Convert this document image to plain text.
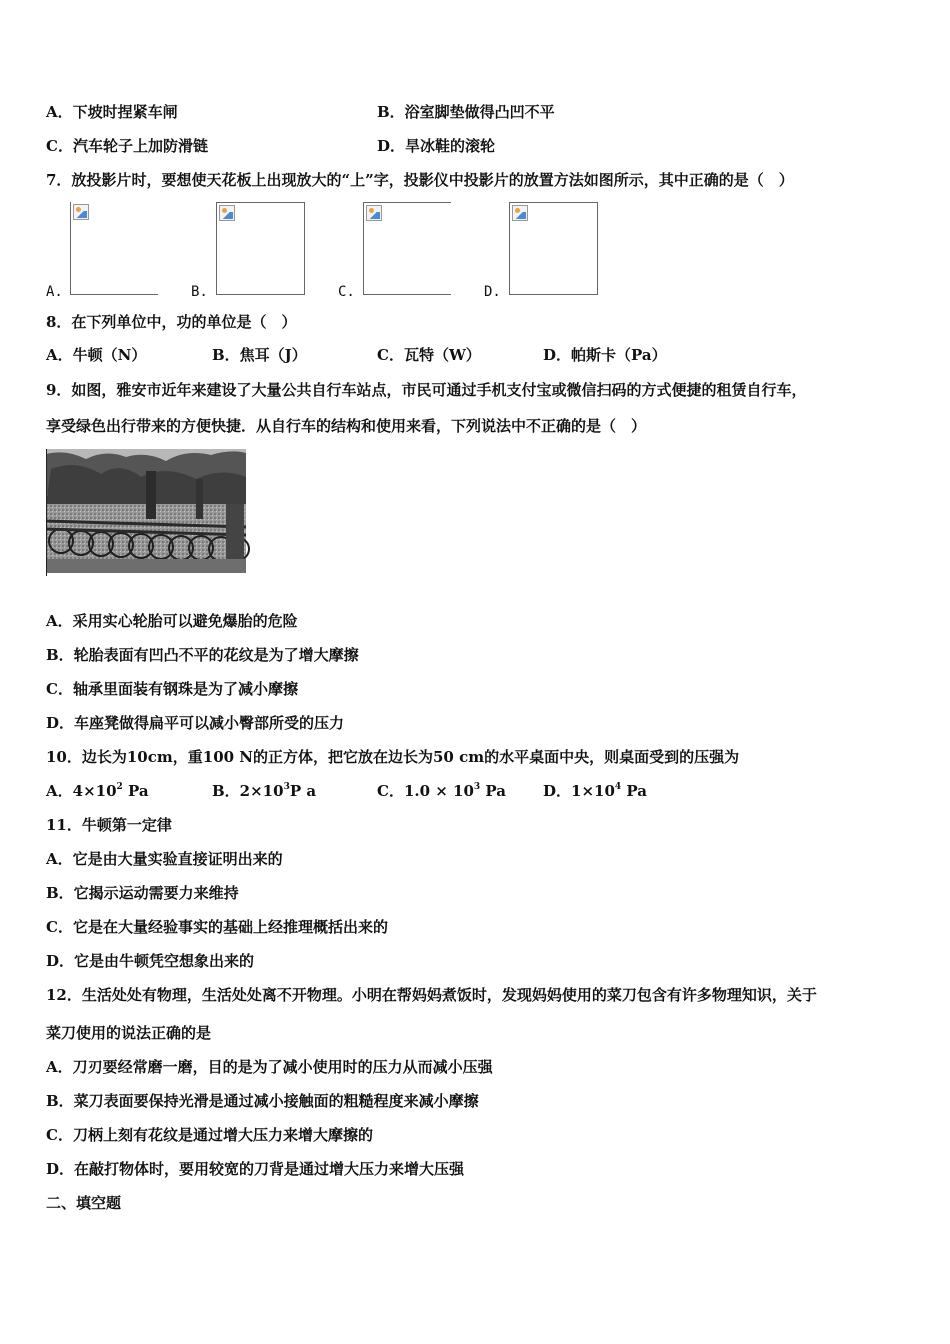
A．下坡时捏紧车闸	B．浴室脚垫做得凸凹不平
C．汽车轮子上加防滑链	D．旱冰鞋的滚轮
7．放投影片时，要想使天花板上出现放大的“上”字，投影仪中投影片的放置方法如图所示，其中正确的是（　）
A.	B.	C.	D.
8．在下列单位中，功的单位是（　）
A．牛顿（N）	B．焦耳（J）	C．瓦特（W）	D．帕斯卡（Pa）
9．如图，雅安市近年来建设了大量公共自行车站点，市民可通过手机支付宝或微信扫码的方式便捷的租赁自行车，
享受绿色出行带来的方便快捷．从自行车的结构和使用来看，下列说法中不正确的是（　）
A．采用实心轮胎可以避免爆胎的危险
B．轮胎表面有凹凸不平的花纹是为了增大摩擦
C．轴承里面装有钢珠是为了减小摩擦
D．车座凳做得扁平可以减小臀部所受的压力
10．边长为10cm，重100 N的正方体，把它放在边长为50 cm的水平桌面中央，则桌面受到的压强为
A．$4\times 10^2$ Pa	B．$2\times 10^3P$ a	C．$1.0 \times 10^3$ Pa D．$1\times 10^4$ Pa
11．牛顿第一定律
A．它是由大量实验直接证明出来的
B．它揭示运动需要力来维持
C．它是在大量经验事实的基础上经推理概括出来的
D．它是由牛顿凭空想象出来的
12．生活处处有物理，生活处处离不开物理。小明在帮妈妈煮饭时，发现妈妈使用的菜刀包含有许多物理知识，关于
菜刀使用的说法正确的是
A．刀刃要经常磨一磨，目的是为了减小使用时的压力从而减小压强
B．菜刀表面要保持光滑是通过减小接触面的粗糙程度来减小摩擦
C．刀柄上刻有花纹是通过增大压力来增大摩擦的
D．在敲打物体时，要用较宽的刀背是通过增大压力来增大压强
二、填空题
